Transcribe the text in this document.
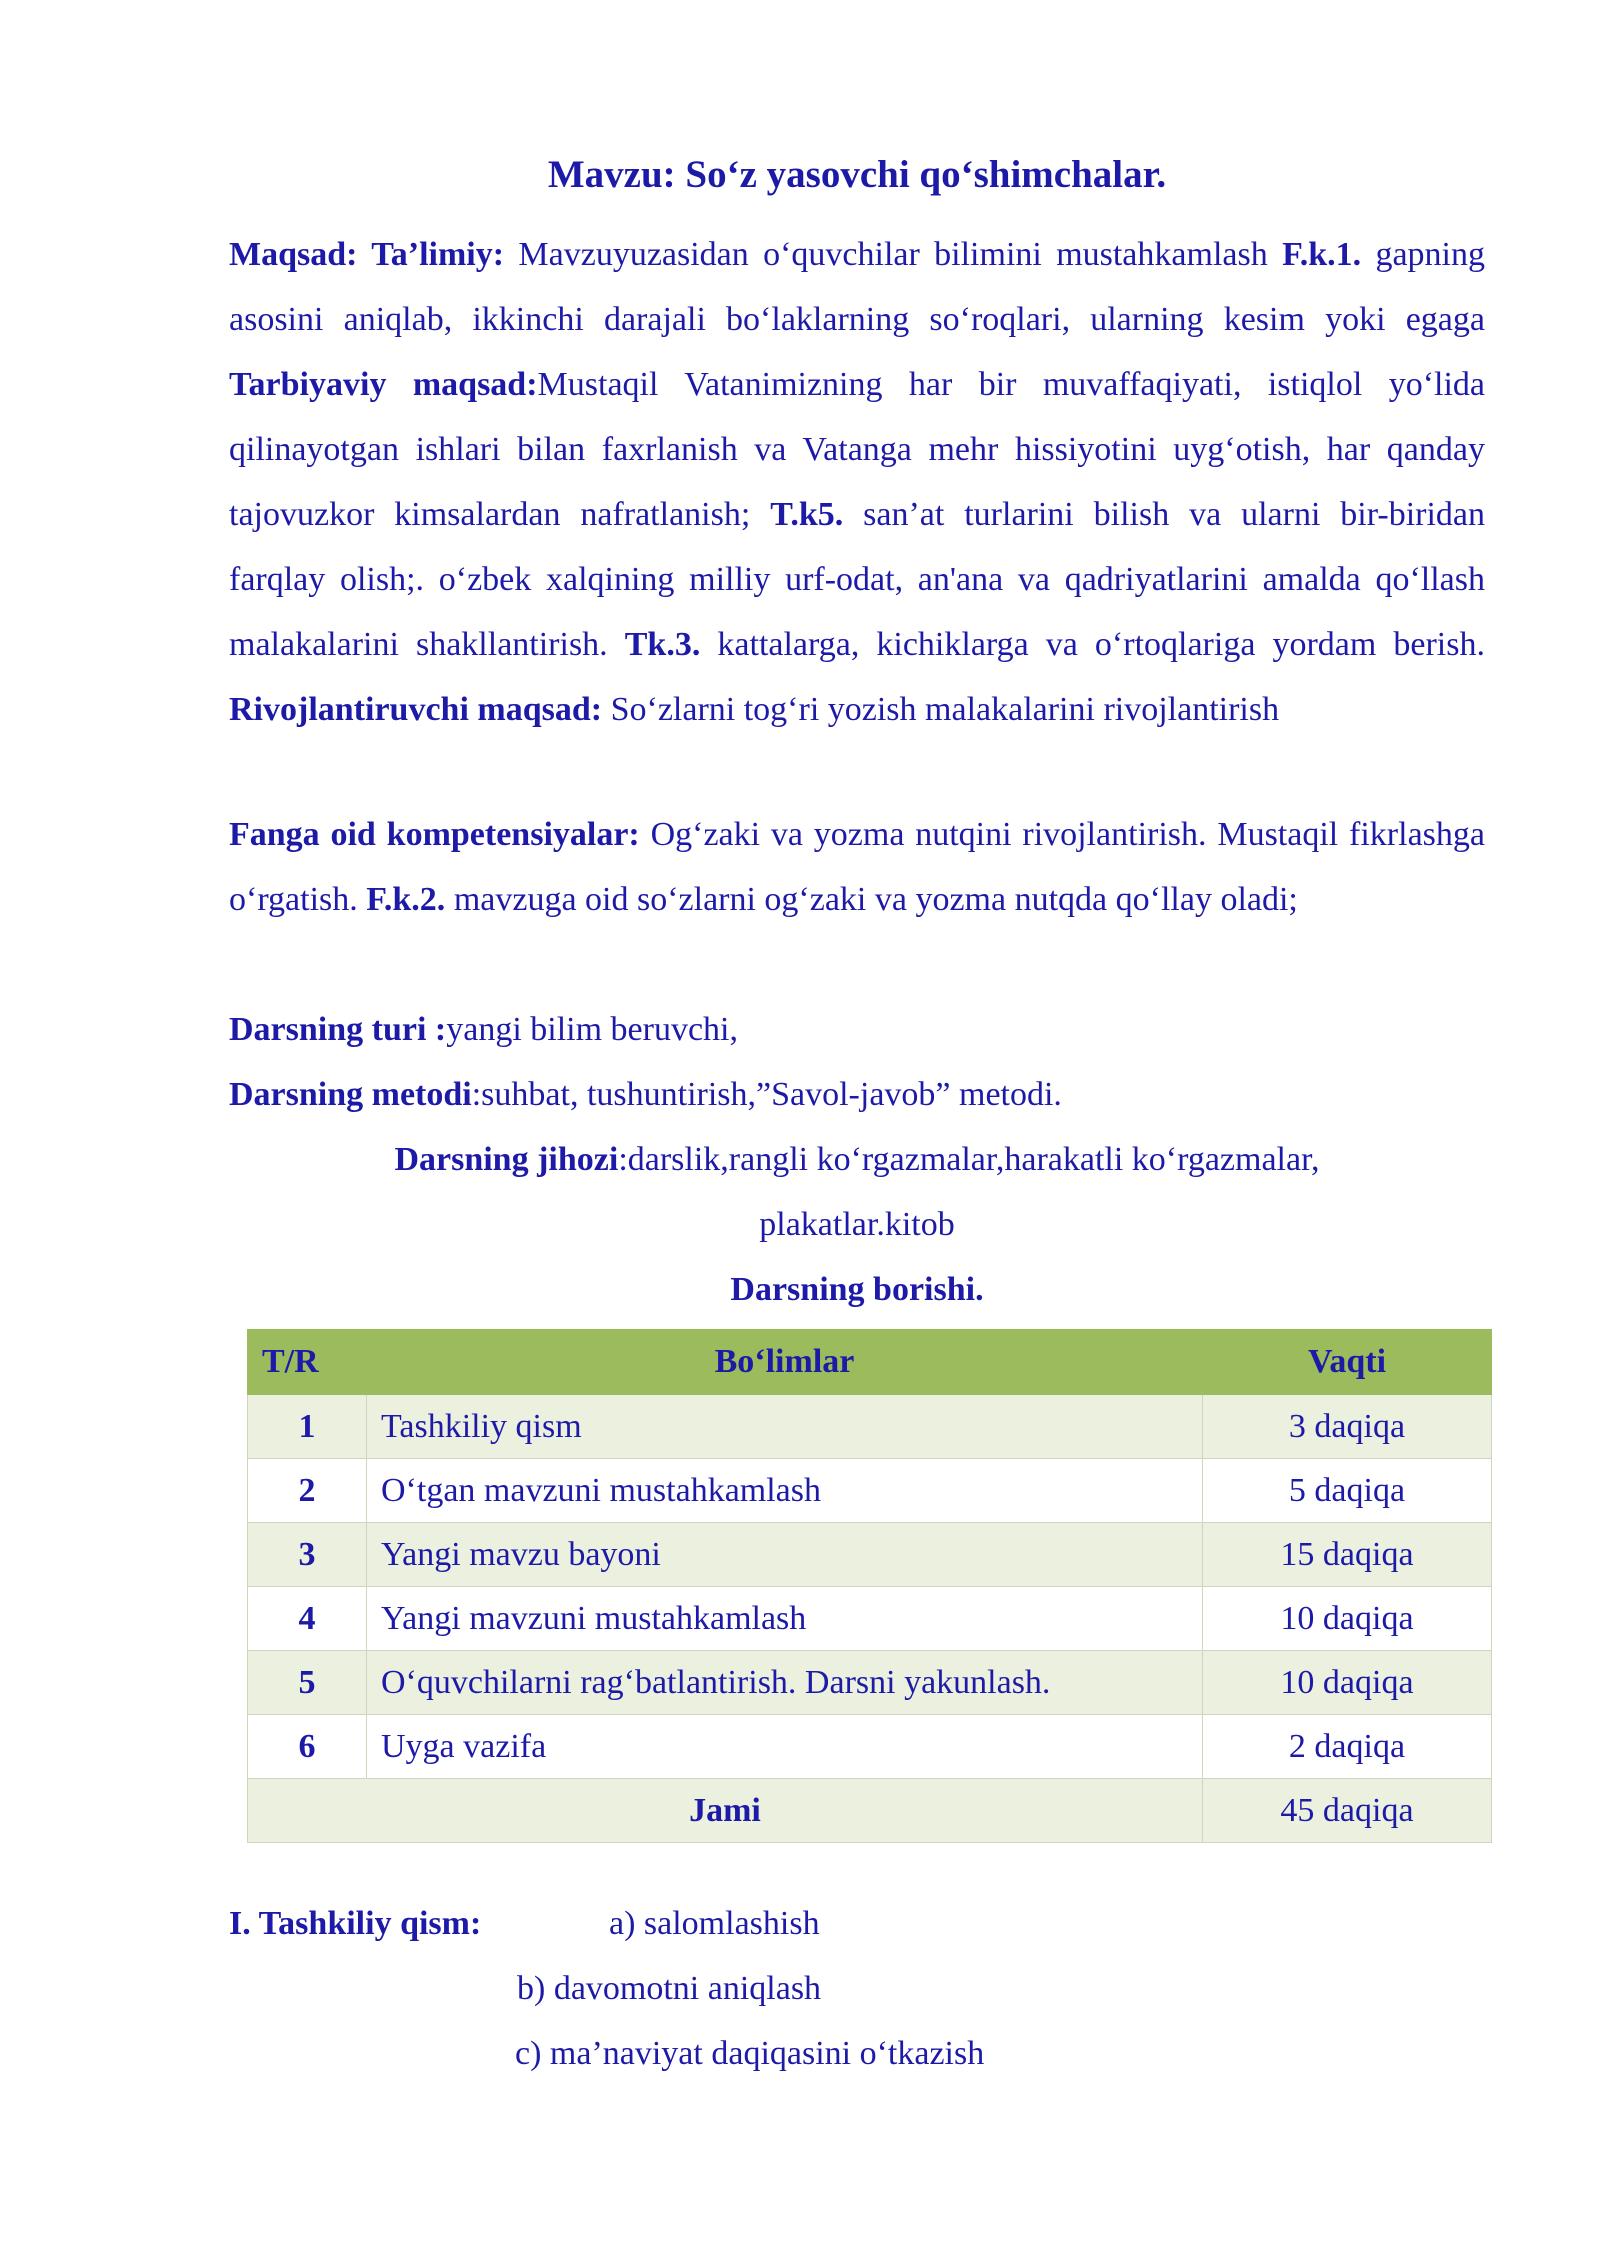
Mavzu: So‘z yasovchi qo‘shimchalar.
Maqsad: Ta’limiy: Mavzuyuzasidan o‘quvchilar bilimini mustahkamlash F.k.1. gapning asosini aniqlab, ikkinchi darajali bo‘laklarning so‘roqlari, ularning kesim yoki egaga Tarbiyaviy maqsad:Mustaqil Vatanimizning har bir muvaffaqiyati, istiqlol yo‘lida qilinayotgan ishlari bilan faxrlanish va Vatanga mehr hissiyotini uyg‘otish, har qanday tajovuzkor kimsalardan nafratlanish; T.k5. san’at turlarini bilish va ularni bir-biridan farqlay olish;. o‘zbek xalqining milliy urf-odat, an'ana va qadriyatlarini amalda qo‘llash malakalarini shakllantirish. Tk.3. kattalarga, kichiklarga va o‘rtoqlariga yordam berish. Rivojlantiruvchi maqsad: So‘zlarni tog‘ri yozish malakalarini rivojlantirish
Fanga oid kompetensiyalar: Og‘zaki va yozma nutqini rivojlantirish. Mustaqil fikrlashga o‘rgatish. F.k.2. mavzuga oid so‘zlarni og‘zaki va yozma nutqda qo‘llay oladi;
Darsning turi :yangi bilim beruvchi,
Darsning metodi:suhbat, tushuntirish,”Savol-javob” metodi.
Darsning jihozi:darslik,rangli ko‘rgazmalar,harakatli ko‘rgazmalar,
plakatlar.kitob
Darsning borishi.
T/R	Bo‘limlar	Vaqti
1	Tashkiliy qism	3 daqiqa
2	O‘tgan mavzuni mustahkamlash	5 daqiqa
3	Yangi mavzu bayoni	15 daqiqa
4	Yangi mavzuni mustahkamlash	10 daqiqa
5	O‘quvchilarni rag‘batlantirish. Darsni yakunlash.	10 daqiqa
6	Uyga vazifa	2 daqiqa
Jami		45 daqiqa
I. Tashkiliy qism:	a) salomlashish
b) davomotni aniqlash
c) ma’naviyat daqiqasini o‘tkazish
